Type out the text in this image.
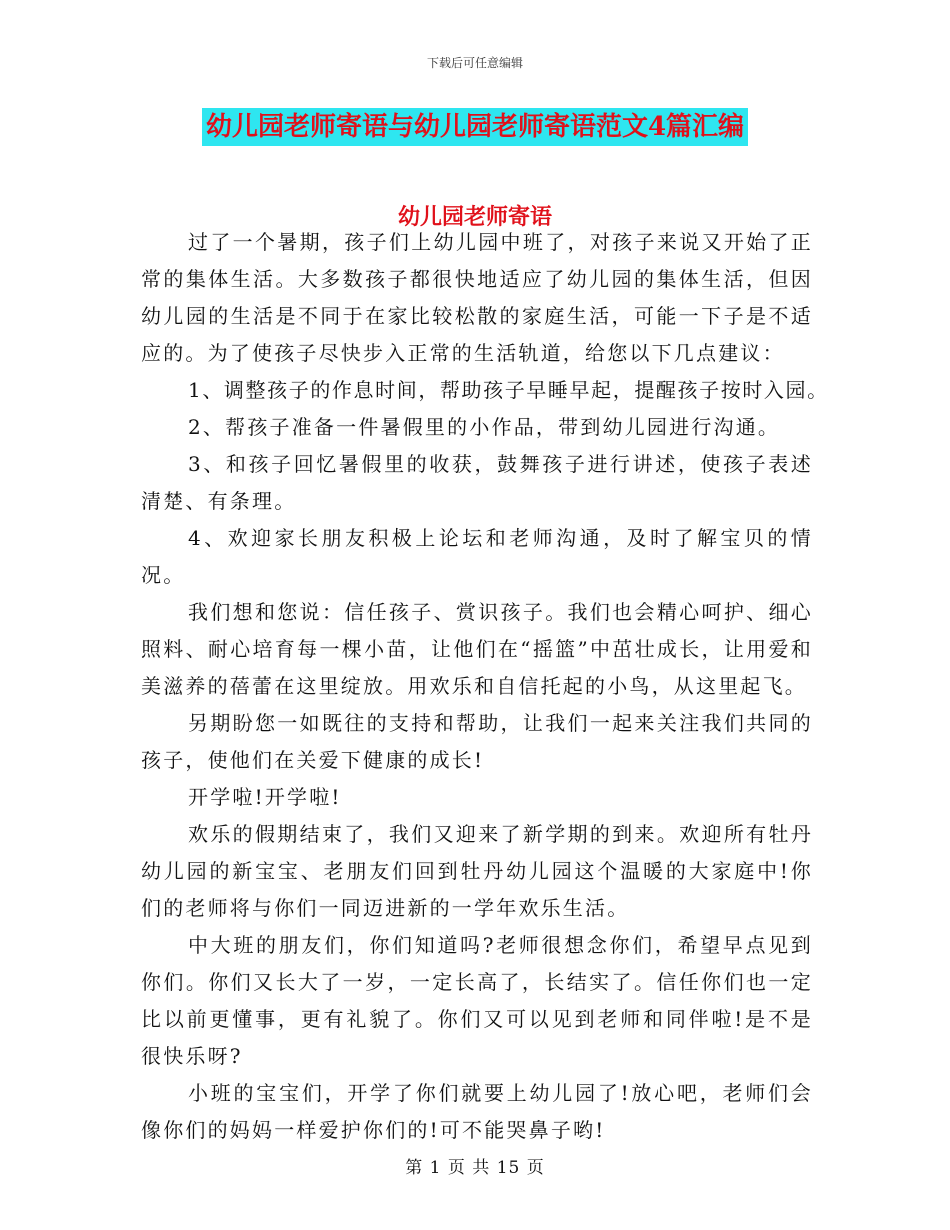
下载后可任意编辑
幼儿园老师寄语与幼儿园老师寄语范文4篇汇编
幼儿园老师寄语

过了一个暑期，孩子们上幼儿园中班了，对孩子来说又开始了正常的集体生活。大多数孩子都很快地适应了幼儿园的集体生活，但因幼儿园的生活是不同于在家比较松散的家庭生活，可能一下子是不适应的。为了使孩子尽快步入正常的生活轨道，给您以下几点建议：

1、调整孩子的作息时间，帮助孩子早睡早起，提醒孩子按时入园。

2、帮孩子准备一件暑假里的小作品，带到幼儿园进行沟通。

3、和孩子回忆暑假里的收获，鼓舞孩子进行讲述，使孩子表述清楚、有条理。

4、欢迎家长朋友积极上论坛和老师沟通，及时了解宝贝的情况。

我们想和您说：信任孩子、赏识孩子。我们也会精心呵护、细心照料、耐心培育每一棵小苗，让他们在“摇篮”中茁壮成长，让用爱和美滋养的蓓蕾在这里绽放。用欢乐和自信托起的小鸟，从这里起飞。

另期盼您一如既往的支持和帮助，让我们一起来关注我们共同的孩子，使他们在关爱下健康的成长!

开学啦!开学啦!

欢乐的假期结束了，我们又迎来了新学期的到来。欢迎所有牡丹幼儿园的新宝宝、老朋友们回到牡丹幼儿园这个温暖的大家庭中!你们的老师将与你们一同迈进新的一学年欢乐生活。

中大班的朋友们，你们知道吗?老师很想念你们，希望早点见到你们。你们又长大了一岁，一定长高了，长结实了。信任你们也一定比以前更懂事，更有礼貌了。你们又可以见到老师和同伴啦!是不是很快乐呀?

小班的宝宝们，开学了你们就要上幼儿园了!放心吧，老师们会像你们的妈妈一样爱护你们的!可不能哭鼻子哟!

第 1 页 共 15 页
